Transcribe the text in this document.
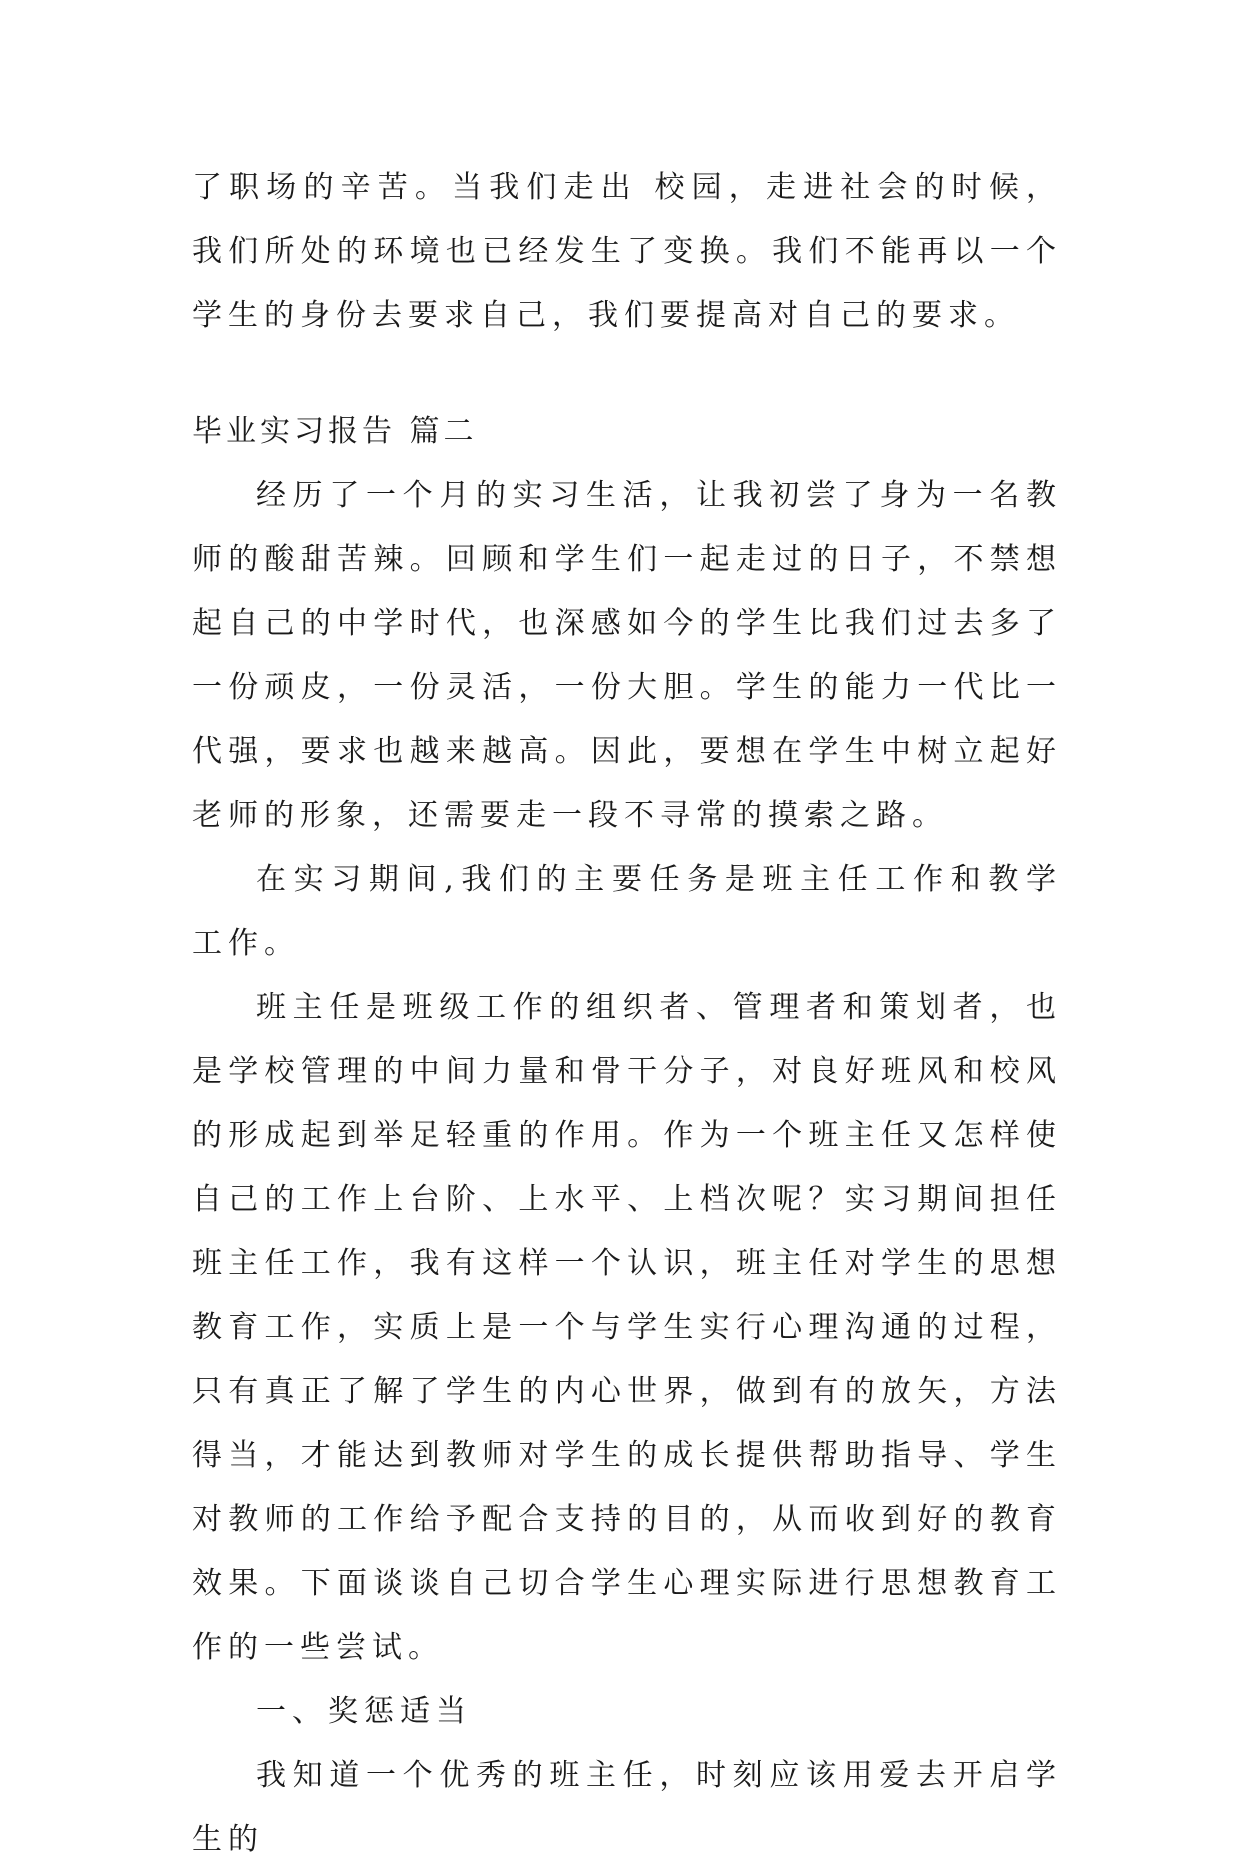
了职场的辛苦。当我们走出 校园，走进社会的时候，我们所处的环境也已经发生了变换。我们不能再以一个学生的身份去要求自己，我们要提高对自己的要求。

毕业实习报告 篇二

经历了一个月的实习生活，让我初尝了身为一名教师的酸甜苦辣。回顾和学生们一起走过的日子，不禁想起自己的中学时代，也深感如今的学生比我们过去多了一份顽皮，一份灵活，一份大胆。学生的能力一代比一代强，要求也越来越高。因此，要想在学生中树立起好老师的形象，还需要走一段不寻常的摸索之路。

在实习期间,我们的主要任务是班主任工作和教学工作。

班主任是班级工作的组织者、管理者和策划者，也是学校管理的中间力量和骨干分子，对良好班风和校风的形成起到举足轻重的作用。作为一个班主任又怎样使自己的工作上台阶、上水平、上档次呢？实习期间担任班主任工作，我有这样一个认识，班主任对学生的思想教育工作，实质上是一个与学生实行心理沟通的过程，只有真正了解了学生的内心世界，做到有的放矢，方法得当，才能达到教师对学生的成长提供帮助指导、学生对教师的工作给予配合支持的目的，从而收到好的教育效果。下面谈谈自己切合学生心理实际进行思想教育工作的一些尝试。

一、奖惩适当

我知道一个优秀的班主任，时刻应该用爱去开启学生的
